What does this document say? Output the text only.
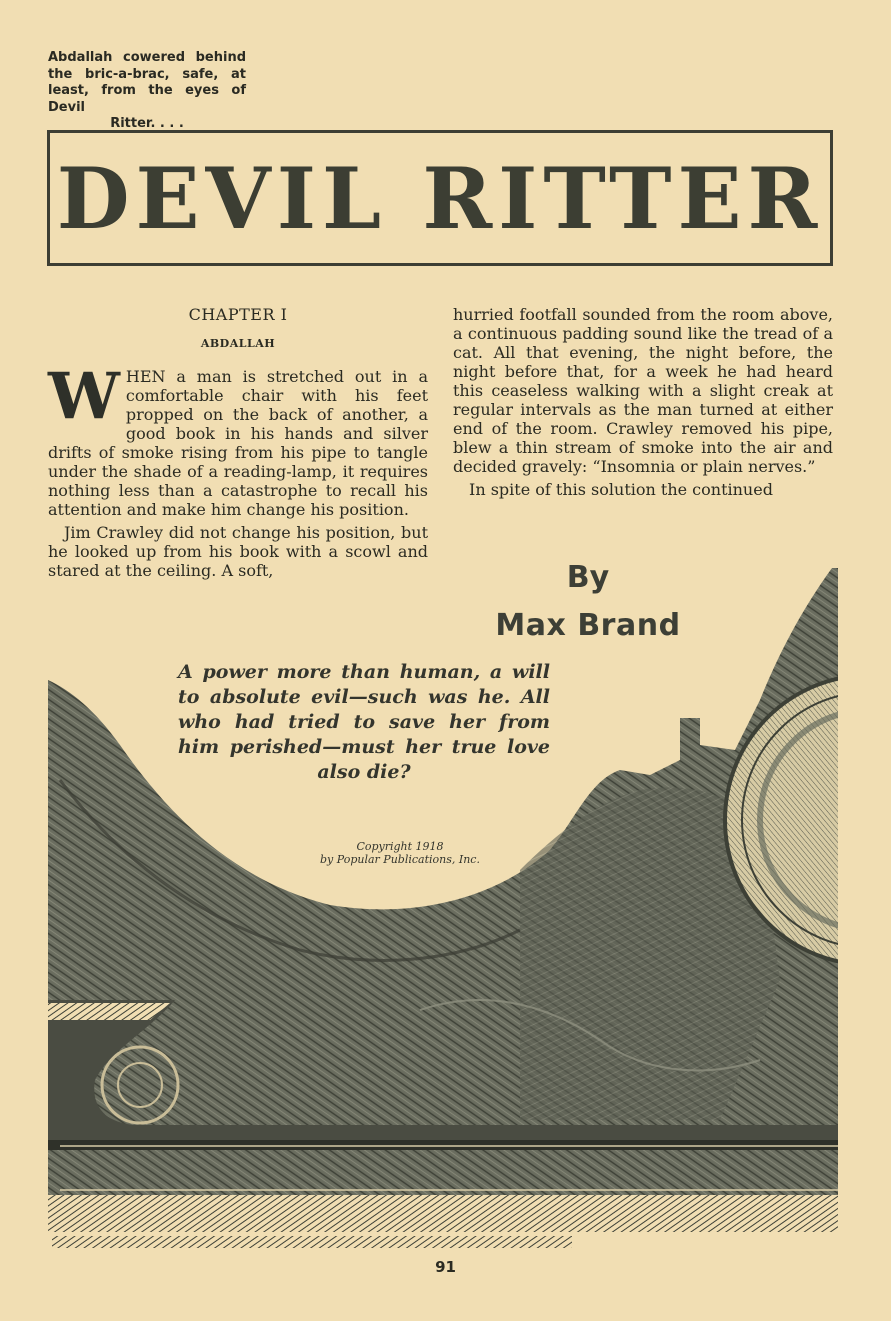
Abdallah cowered behind the bric-a-brac, safe, at least, from the eyes of Devil
Ritter. . . .

DEVIL RITTER
CHAPTER I
ABDALLAH

WHEN a man is stretched out in a comfortable chair with his feet propped on the back of another, a good book in his hands and silver drifts of smoke rising from his pipe to tangle under the shade of a reading-lamp, it requires nothing less than a catastrophe to recall his attention and make him change his position.

Jim Crawley did not change his position, but he looked up from his book with a scowl and stared at the ceiling. A soft,

hurried footfall sounded from the room above, a continuous padding sound like the tread of a cat. All that evening, the night before, the night before that, for a week he had heard this ceaseless walking with a slight creak at regular intervals as the man turned at either end of the room. Crawley removed his pipe, blew a thin stream of smoke into the air and decided gravely: “Insomnia or plain nerves.”

In spite of this solution the continued

By
Max Brand

A power more than human, a will to absolute evil—such was he. All who had tried to save her from him perished—must her true love also die?

Copyright 1918
by Popular Publications, Inc.

91
